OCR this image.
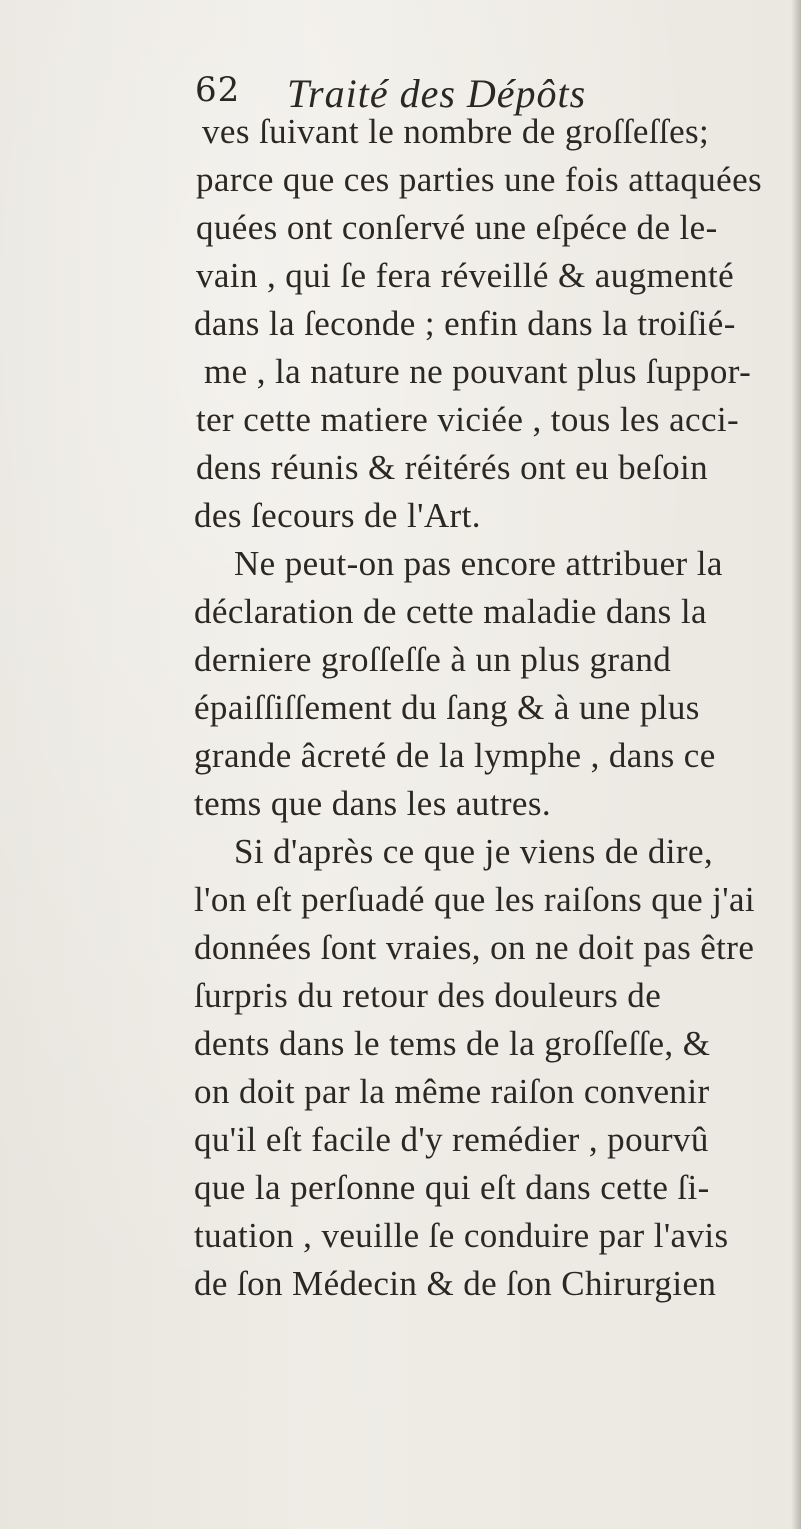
62 Traité des Dépôts
ves ſuivant le nombre de groſſeſſes;
parce que ces parties une fois attaquées
quées ont conſervé une eſpéce de le-
vain , qui ſe fera réveillé & augmenté
dans la ſeconde ; enfin dans la troiſié-
me , la nature ne pouvant plus ſuppor-
ter cette matiere viciée , tous les acci-
dens réunis & réitérés ont eu beſoin
des ſecours de l'Art.
Ne peut-on pas encore attribuer la
déclaration de cette maladie dans la
derniere groſſeſſe à un plus grand
épaiſſiſſement du ſang & à une plus
grande âcreté de la lymphe , dans ce
tems que dans les autres.
Si d'après ce que je viens de dire,
l'on eſt perſuadé que les raiſons que j'ai
données ſont vraies, on ne doit pas être
ſurpris du retour des douleurs de
dents dans le tems de la groſſeſſe, &
on doit par la même raiſon convenir
qu'il eſt facile d'y remédier , pourvû
que la perſonne qui eſt dans cette ſi-
tuation , veuille ſe conduire par l'avis
de ſon Médecin & de ſon Chirurgien
